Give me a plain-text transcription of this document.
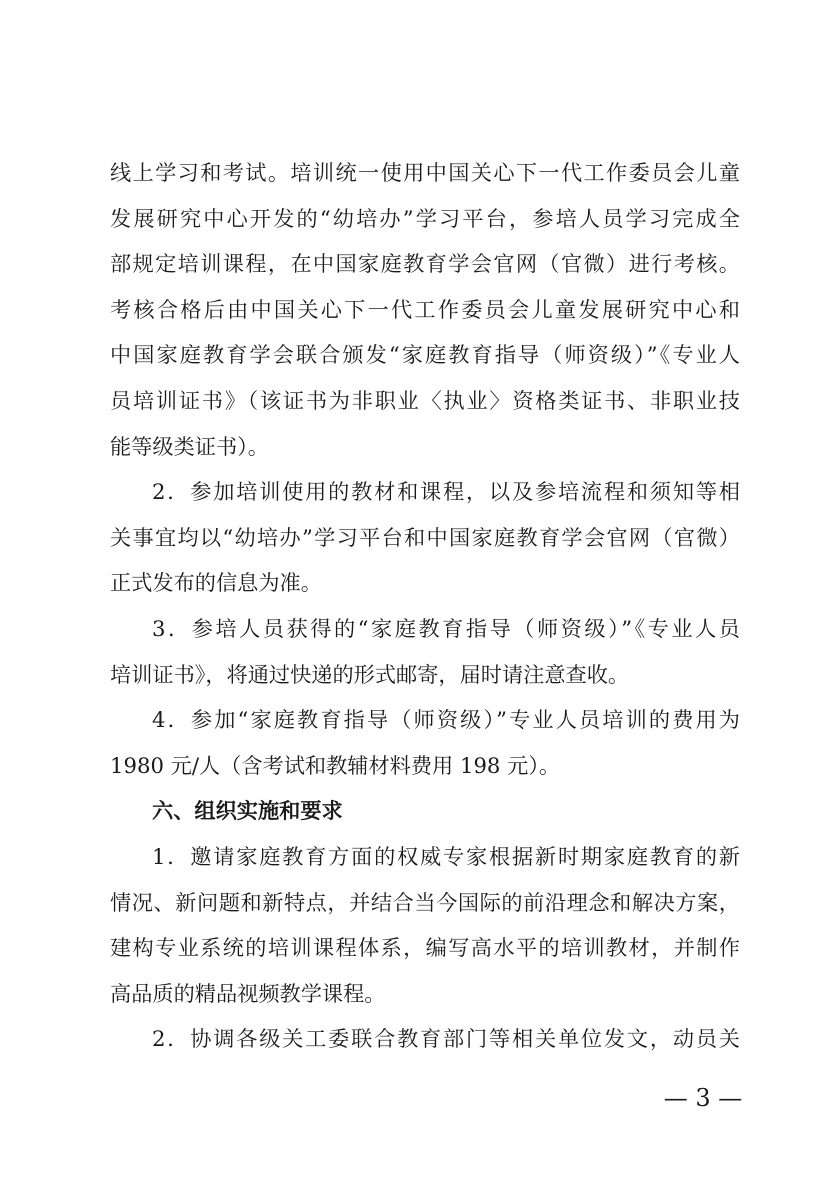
线上学习和考试。培训统一使用中国关心下一代工作委员会儿童
发展研究中心开发的“幼培办”学习平台，参培人员学习完成全
部规定培训课程，在中国家庭教育学会官网（官微）进行考核。
考核合格后由中国关心下一代工作委员会儿童发展研究中心和
中国家庭教育学会联合颁发“家庭教育指导（师资级）”《专业人
员培训证书》（该证书为非职业〈执业〉资格类证书、非职业技
能等级类证书）。
2．参加培训使用的教材和课程，以及参培流程和须知等相
关事宜均以“幼培办”学习平台和中国家庭教育学会官网（官微）
正式发布的信息为准。
3．参培人员获得的“家庭教育指导（师资级）”《专业人员
培训证书》，将通过快递的形式邮寄，届时请注意查收。
4．参加“家庭教育指导（师资级）”专业人员培训的费用为
1980 元/人（含考试和教辅材料费用 198 元）。
六、组织实施和要求
1．邀请家庭教育方面的权威专家根据新时期家庭教育的新
情况、新问题和新特点，并结合当今国际的前沿理念和解决方案，
建构专业系统的培训课程体系，编写高水平的培训教材，并制作
高品质的精品视频教学课程。
2．协调各级关工委联合教育部门等相关单位发文，动员关
— 3 —
